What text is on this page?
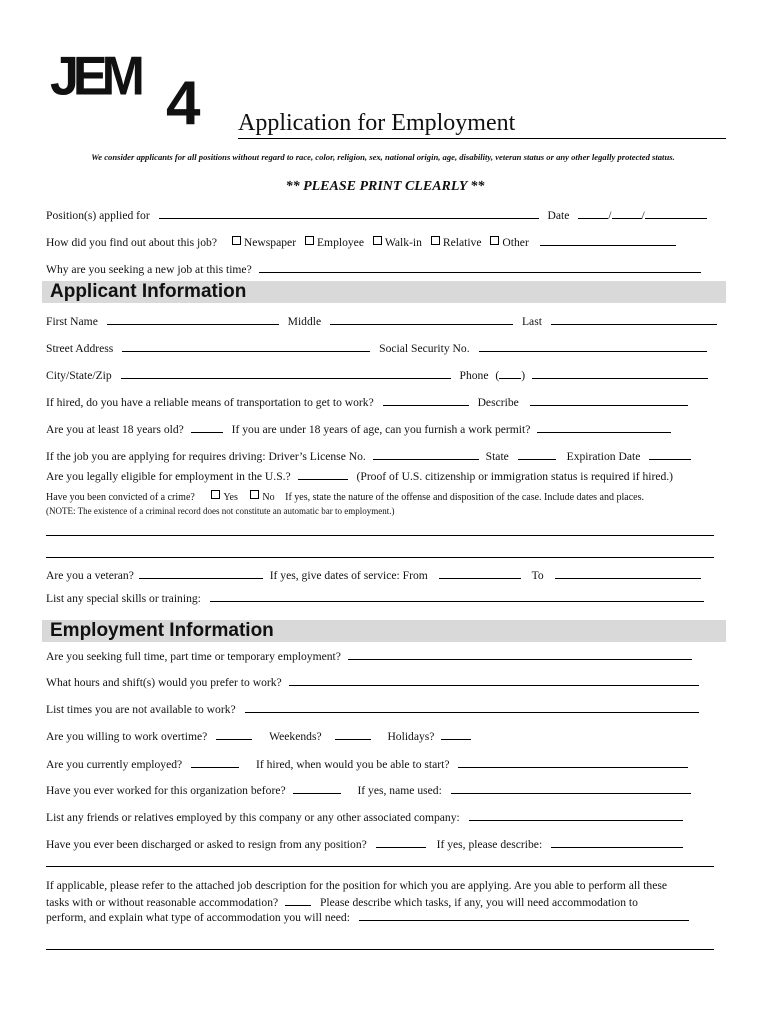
JEM 4 Application for Employment
We consider applicants for all positions without regard to race, color, religion, sex, national origin, age, disability, veteran status or any other legally protected status.
** PLEASE PRINT CLEARLY **
Position(s) applied for	Date	/	/
How did you find out about this job? Newspaper Employee Walk-in Relative Other
Why are you seeking a new job at this time?
Applicant Information
First Name	Middle	Last
Street Address	Social Security No.
City/State/Zip	Phone ( )
If hired, do you have a reliable means of transportation to get to work?	Describe
Are you at least 18 years old?	If you are under 18 years of age, can you furnish a work permit?
If the job you are applying for requires driving: Driver’s License No.	State	Expiration Date
Are you legally eligible for employment in the U.S.?	(Proof of U.S. citizenship or immigration status is required if hired.)
Have you been convicted of a crime?	Yes No If yes, state the nature of the offense and disposition of the case. Include dates and places.
(NOTE: The existence of a criminal record does not constitute an automatic bar to employment.)
Are you a veteran?	If yes, give dates of service: From	To
List any special skills or training:
Employment Information
Are you seeking full time, part time or temporary employment?
What hours and shift(s) would you prefer to work?
List times you are not available to work?
Are you willing to work overtime?	Weekends?	Holidays?
Are you currently employed?	If hired, when would you be able to start?
Have you ever worked for this organization before?	If yes, name used:
List any friends or relatives employed by this company or any other associated company:
Have you ever been discharged or asked to resign from any position?	If yes, please describe:
If applicable, please refer to the attached job description for the position for which you are applying. Are you able to perform all these
tasks with or without reasonable accommodation?	Please describe which tasks, if any, you will need accommodation to
perform, and explain what type of accommodation you will need:
